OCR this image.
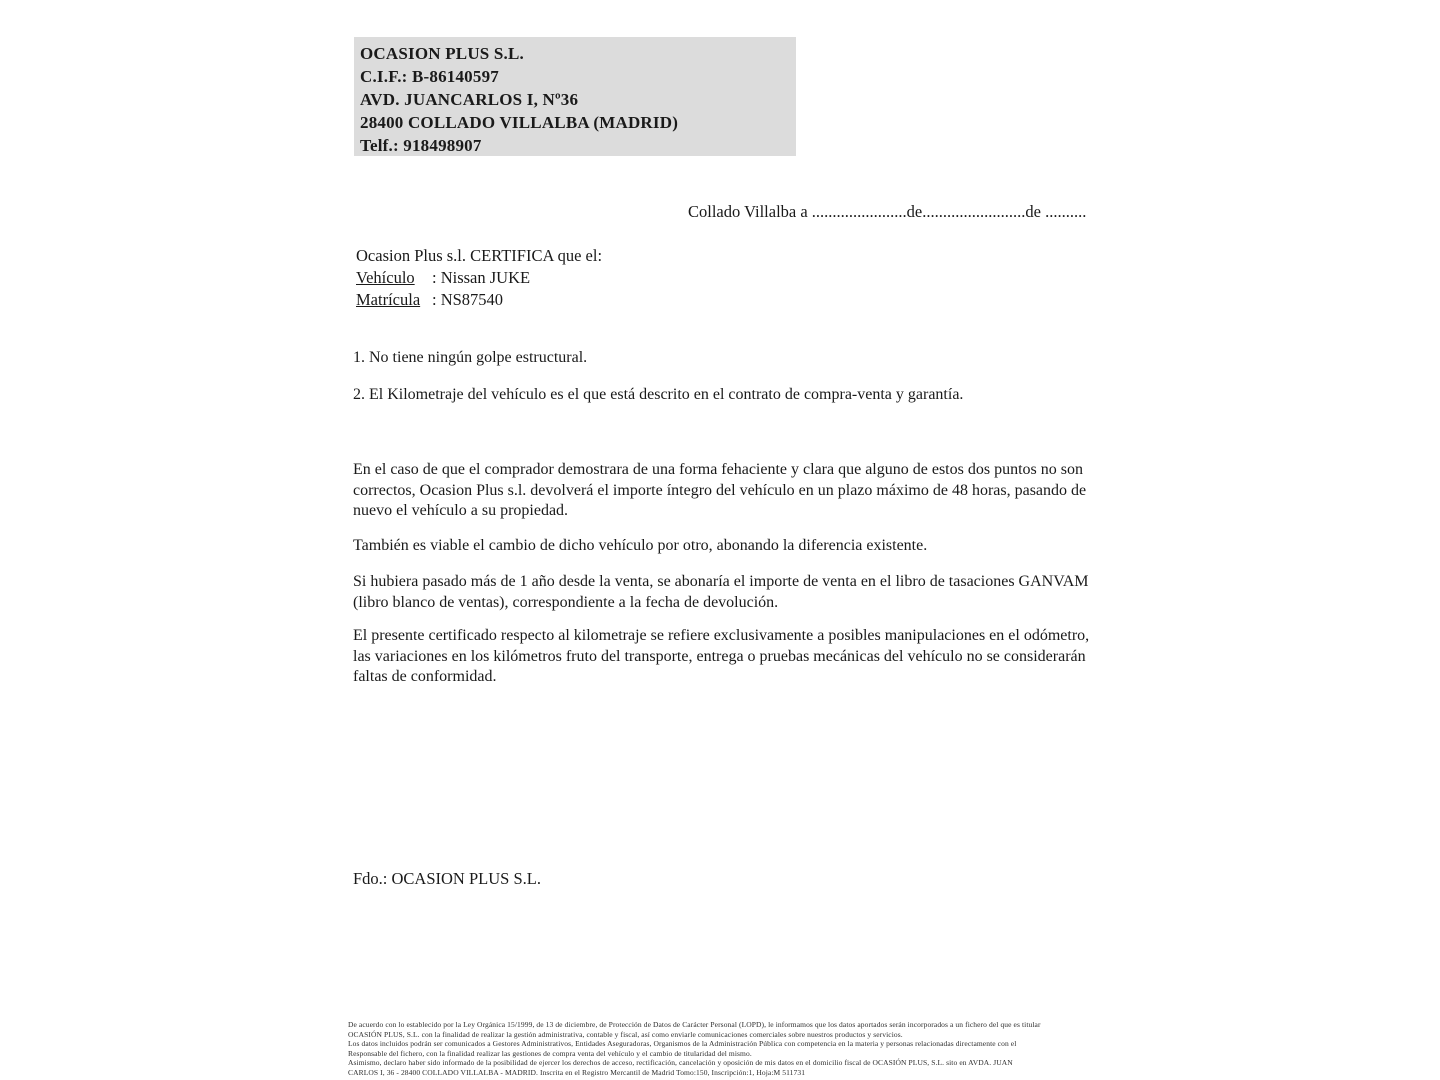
OCASION PLUS S.L.
C.I.F.: B-86140597
AVD. JUANCARLOS I, Nº36
28400 COLLADO VILLALBA (MADRID)
Telf.: 918498907
Collado Villalba a .......................de.........................de ..........
Ocasion Plus s.l. CERTIFICA que el:
Vehículo : Nissan JUKE
Matrícula : NS87540
1. No tiene ningún golpe estructural.
2. El Kilometraje del vehículo es el que está descrito en el contrato de compra-venta y garantía.
En el caso de que el comprador demostrara de una forma fehaciente y clara que alguno de estos dos puntos no son correctos, Ocasion Plus s.l. devolverá el importe íntegro del vehículo en un plazo máximo de 48 horas, pasando de nuevo el vehículo a su propiedad.
También es viable el cambio de dicho vehículo por otro, abonando la diferencia existente.
Si hubiera pasado más de 1 año desde la venta, se abonaría el importe de venta en el libro de tasaciones GANVAM (libro blanco de ventas), correspondiente a la fecha de devolución.
El presente certificado respecto al kilometraje se refiere exclusivamente a posibles manipulaciones en el odómetro, las variaciones en los kilómetros fruto del transporte, entrega o pruebas mecánicas del vehículo no se considerarán faltas de conformidad.
Fdo.: OCASION PLUS S.L.
De acuerdo con lo establecido por la Ley Orgánica 15/1999, de 13 de diciembre, de Protección de Datos de Carácter Personal (LOPD), le informamos que los datos aportados serán incorporados a un fichero del que es titular
OCASIÓN PLUS, S.L. con la finalidad de realizar la gestión administrativa, contable y fiscal, así como enviarle comunicaciones comerciales sobre nuestros productos y servicios.
Los datos incluidos podrán ser comunicados a Gestores Administrativos, Entidades Aseguradoras, Organismos de la Administración Pública con competencia en la materia y personas relacionadas directamente con el
Responsable del fichero, con la finalidad realizar las gestiones de compra venta del vehículo y el cambio de titularidad del mismo.
Asimismo, declaro haber sido informado de la posibilidad de ejercer los derechos de acceso, rectificación, cancelación y oposición de mis datos en el domicilio fiscal de OCASIÓN PLUS, S.L. sito en AVDA. JUAN
CARLOS I, 36 - 28400 COLLADO VILLALBA - MADRID. Inscrita en el Registro Mercantil de Madrid Tomo:150, Inscripción:1, Hoja:M 511731
